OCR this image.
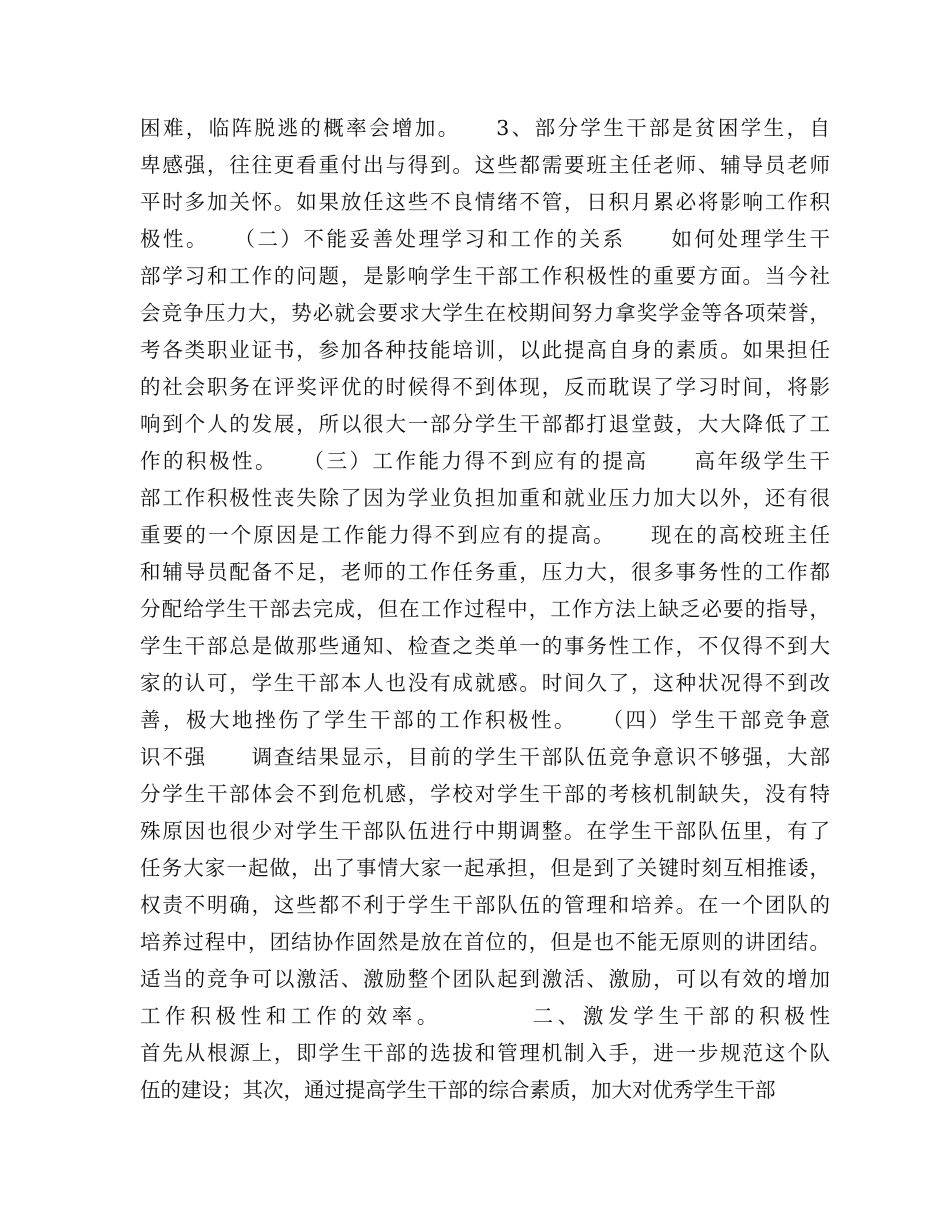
困难，临阵脱逃的概率会增加。　　3、部分学生干部是贫困学生，自
卑感强，往往更看重付出与得到。这些都需要班主任老师、辅导员老师
平时多加关怀。如果放任这些不良情绪不管，日积月累必将影响工作积
极性。　　（二）不能妥善处理学习和工作的关系　　如何处理学生干
部学习和工作的问题，是影响学生干部工作积极性的重要方面。当今社
会竞争压力大，势必就会要求大学生在校期间努力拿奖学金等各项荣誉，
考各类职业证书，参加各种技能培训，以此提高自身的素质。如果担任
的社会职务在评奖评优的时候得不到体现，反而耽误了学习时间，将影
响到个人的发展，所以很大一部分学生干部都打退堂鼓，大大降低了工
作的积极性。　　（三）工作能力得不到应有的提高　　高年级学生干
部工作积极性丧失除了因为学业负担加重和就业压力加大以外，还有很
重要的一个原因是工作能力得不到应有的提高。　　现在的高校班主任
和辅导员配备不足，老师的工作任务重，压力大，很多事务性的工作都
分配给学生干部去完成，但在工作过程中，工作方法上缺乏必要的指导，
学生干部总是做那些通知、检查之类单一的事务性工作，不仅得不到大
家的认可，学生干部本人也没有成就感。时间久了，这种状况得不到改
善，极大地挫伤了学生干部的工作积极性。　　（四）学生干部竞争意
识不强　　调查结果显示，目前的学生干部队伍竞争意识不够强，大部
分学生干部体会不到危机感，学校对学生干部的考核机制缺失，没有特
殊原因也很少对学生干部队伍进行中期调整。在学生干部队伍里，有了
任务大家一起做，出了事情大家一起承担，但是到了关键时刻互相推诿，
权责不明确，这些都不利于学生干部队伍的管理和培养。在一个团队的
培养过程中，团结协作固然是放在首位的，但是也不能无原则的讲团结。
适当的竞争可以激活、激励整个团队起到激活、激励，可以有效的增加
工作积极性和工作的效率。　　　　二、激发学生干部的积极性
首先从根源上，即学生干部的选拔和管理机制入手，进一步规范这个队
伍的建设；其次，通过提高学生干部的综合素质，加大对优秀学生干部
